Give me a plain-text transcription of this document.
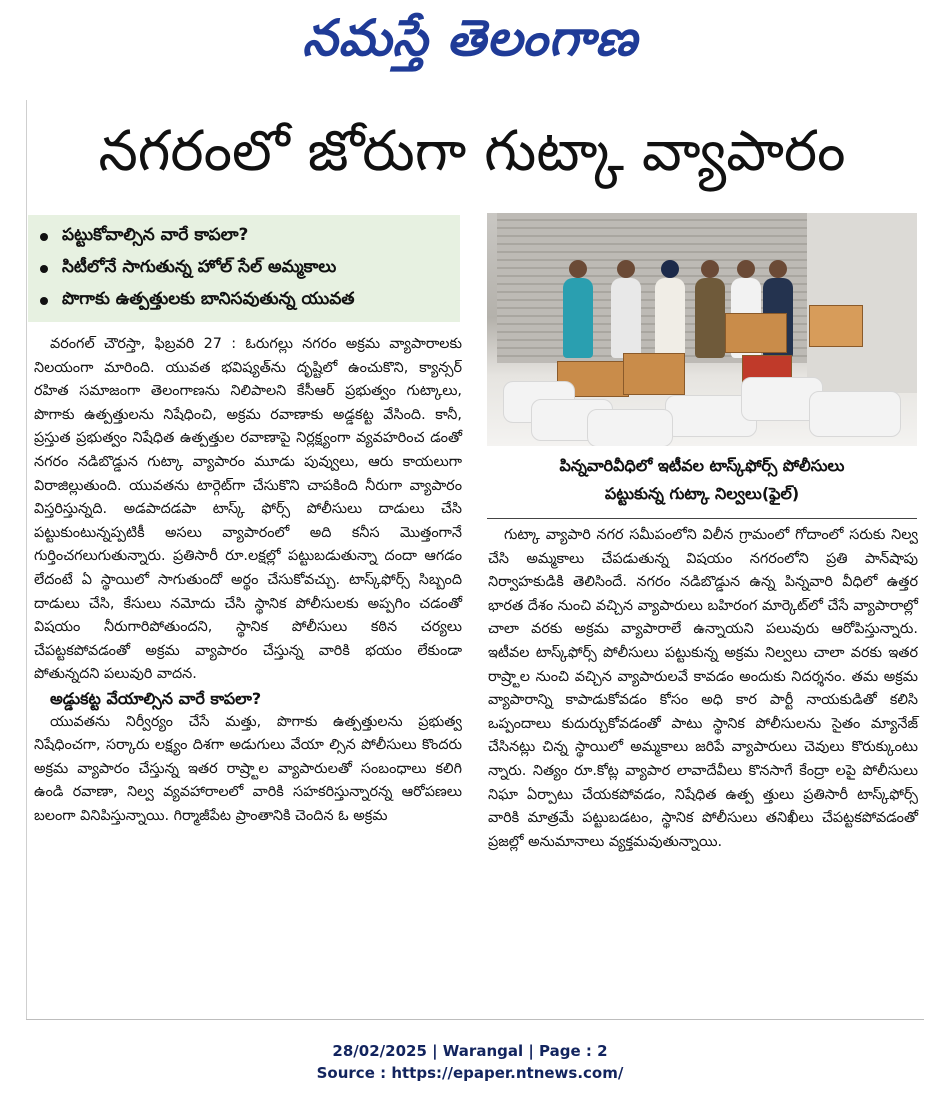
నమస్తే తెలంగాణ
నగరంలో జోరుగా గుట్కా వ్యాపారం
పట్టుకోవాల్సిన వారే కాపలా?
సిటీలోనే సాగుతున్న హోల్ సేల్ అమ్మకాలు
పొగాకు ఉత్పత్తులకు బానిసవుతున్న యువత
పిన్నవారివీధిలో ఇటీవల టాస్క్‌ఫోర్స్ పోలీసులు
పట్టుకున్న గుట్కా నిల్వలు(ఫైల్)

వరంగల్ చౌరస్తా, ఫిబ్రవరి 27 : ఓరుగల్లు నగరం అక్రమ వ్యాపారాలకు నిలయంగా మారింది. యువత భవిష్యత్‌ను దృష్టిలో ఉంచుకొని, క్యాన్సర్ రహిత సమాజంగా తెలంగాణను నిలిపాలని కేసీఆర్ ప్రభుత్వం గుట్కాలు, పొగాకు ఉత్పత్తులను నిషేధించి, అక్రమ రవాణాకు అడ్డకట్ట వేసింది. కానీ, ప్రస్తుత ప్రభుత్వం నిషేధిత ఉత్పత్తుల రవాణాపై నిర్లక్ష్యంగా వ్యవహరించ డంతో నగరం నడిబొడ్డున గుట్కా వ్యాపారం మూడు పువ్వులు, ఆరు కాయలుగా విరాజిల్లుతుంది. యువతను టార్గెట్‌గా చేసుకొని చాపకింది నీరుగా వ్యాపారం విస్తరిస్తున్నది. అడపాదడపా టాస్క్ ఫోర్స్ పోలీసులు దాడులు చేసి పట్టుకుంటున్నప్పటికీ అసలు వ్యాపారంలో అది కనీస మొత్తంగానే గుర్తించగలుగుతున్నారు. ప్రతిసారీ రూ.లక్షల్లో పట్టుబడుతున్నా దందా ఆగడం లేదంటే ఏ స్థాయిలో సాగుతుందో అర్థం చేసుకోవచ్చు. టాస్క్‌ఫోర్స్ సిబ్బంది దాడులు చేసి, కేసులు నమోదు చేసి స్థానిక పోలీసులకు అప్పగిం చడంతో విషయం నీరుగారిపోతుందని, స్థానిక పోలీసులు కఠిన చర్యలు చేపట్టకపోవడంతో అక్రమ వ్యాపారం చేస్తున్న వారికి భయం లేకుండా పోతున్నదని పలువురి వాదన.

అడ్డుకట్ట వేయాల్సిన వారే కాపలా?

యువతను నిర్వీర్యం చేసే మత్తు, పొగాకు ఉత్పత్తులను ప్రభుత్వ నిషేధించగా, సర్కారు లక్ష్యం దిశగా అడుగులు వేయా ల్సిన పోలీసులు కొందరు అక్రమ వ్యాపారం చేస్తున్న ఇతర రాష్ర్టాల వ్యాపారులతో సంబంధాలు కలిగి ఉండి రవాణా, నిల్వ వ్యవహారాలలో వారికి సహకరిస్తున్నారన్న ఆరోపణలు బలంగా వినిపిస్తున్నాయి. గిర్మాజీపేట ప్రాంతానికి చెందిన ఓ అక్రమ

గుట్కా వ్యాపారి నగర సమీపంలోని విలీన గ్రామంలో గోదాంలో సరుకు నిల్వ చేసి అమ్మకాలు చేపడుతున్న విషయం నగరంలోని ప్రతి పాన్‌షాపు నిర్వాహకుడికి తెలిసిందే. నగరం నడిబొడ్డున ఉన్న పిన్నవారి వీధిలో ఉత్తర భారత దేశం నుంచి వచ్చిన వ్యాపారులు బహిరంగ మార్కెట్‌లో చేసే వ్యాపారాల్లో చాలా వరకు అక్రమ వ్యాపారాలే ఉన్నాయని పలువురు ఆరోపిస్తున్నారు. ఇటీవల టాస్క్‌ఫోర్స్ పోలీసులు పట్టుకున్న అక్రమ నిల్వలు చాలా వరకు ఇతర రాష్ర్టాల నుంచి వచ్చిన వ్యాపారులవే కావడం అందుకు నిదర్శనం. తమ అక్రమ వ్యాపారాన్ని కాపాడుకోవడం కోసం అధి కార పార్టీ నాయకుడితో కలిసి ఒప్పందాలు కుదుర్చుకోవడంతో పాటు స్థానిక పోలీసులను సైతం మ్యానేజ్ చేసినట్లు చిన్న స్థాయిలో అమ్మకాలు జరిపే వ్యాపారులు చెవులు కొరుక్కుంటు న్నారు. నిత్యం రూ.కోట్ల వ్యాపార లావాదేవీలు కొనసాగే కేంద్రా లపై పోలీసులు నిఘా ఏర్పాటు చేయకపోవడం, నిషేధిత ఉత్ప త్తులు ప్రతిసారీ టాస్క్‌ఫోర్స్ వారికి మాత్రమే పట్టుబడటం, స్థానిక పోలీసులు తనిఖీలు చేపట్టకపోవడంతో ప్రజల్లో అనుమానాలు వ్యక్తమవుతున్నాయి.

28/02/2025 | Warangal | Page : 2
Source : https://epaper.ntnews.com/
